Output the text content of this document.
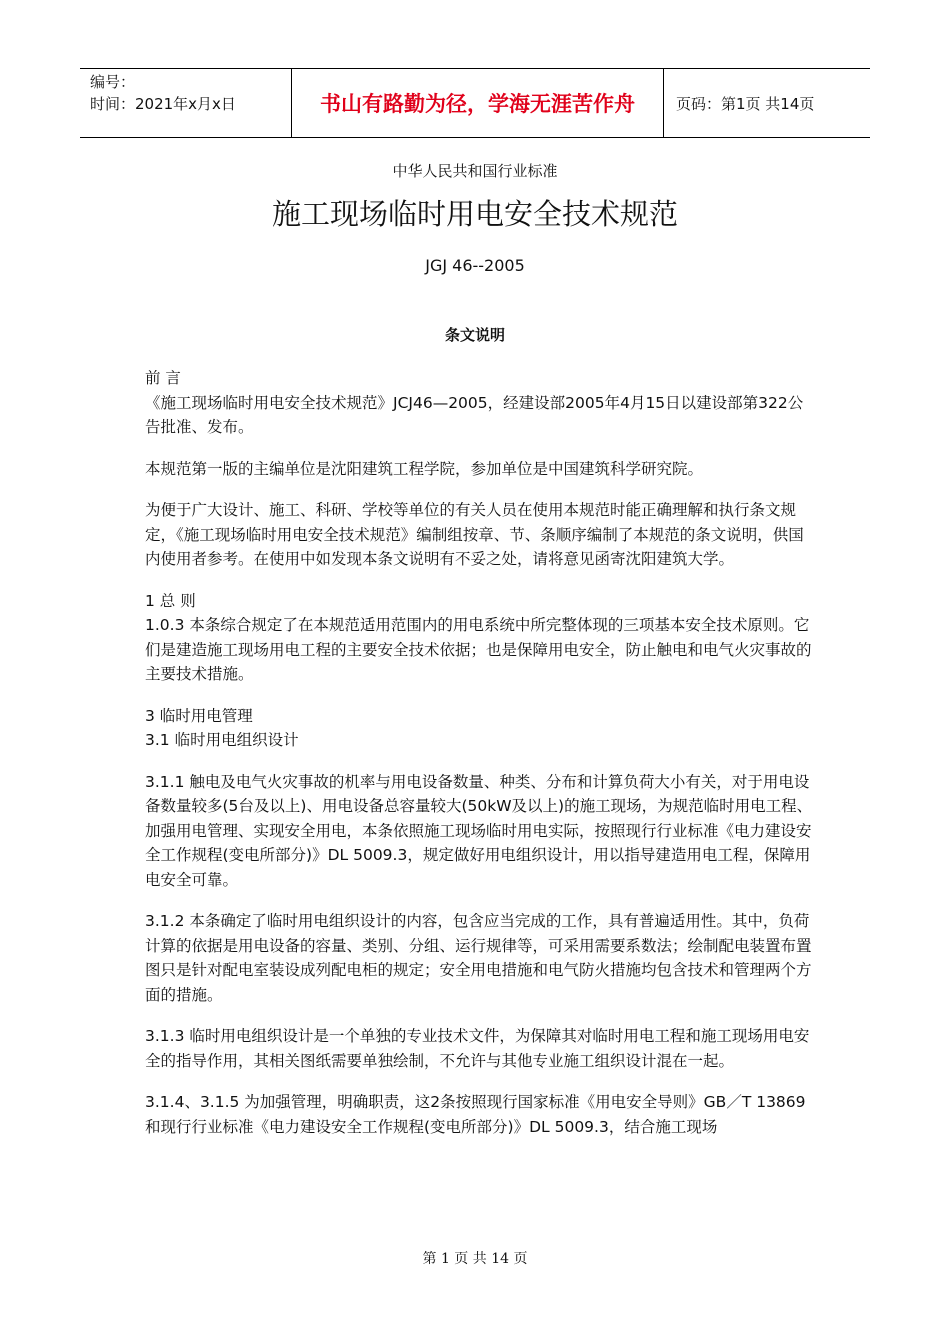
编号：
时间：2021年x月x日	书山有路勤为径，学海无涯苦作舟	页码：第1页 共14页
中华人民共和国行业标准
施工现场临时用电安全技术规范
JGJ 46--2005
条文说明

前 言

《施工现场临时用电安全技术规范》JCJ46—2005，经建设部2005年4月15日以建设部第322公告批准、发布。

本规范第一版的主编单位是沈阳建筑工程学院，参加单位是中国建筑科学研究院。

为便于广大设计、施工、科研、学校等单位的有关人员在使用本规范时能正确理解和执行条文规定，《施工现场临时用电安全技术规范》编制组按章、节、条顺序编制了本规范的条文说明，供国内使用者参考。在使用中如发现本条文说明有不妥之处，请将意见函寄沈阳建筑大学。

1 总 则

1.0.3 本条综合规定了在本规范适用范围内的用电系统中所完整体现的三项基本安全技术原则。它们是建造施工现场用电工程的主要安全技术依据；也是保障用电安全，防止触电和电气火灾事故的主要技术措施。

3 临时用电管理

3.1 临时用电组织设计

3.1.1 触电及电气火灾事故的机率与用电设备数量、种类、分布和计算负荷大小有关，对于用电设备数量较多(5台及以上)、用电设备总容量较大(50kW及以上)的施工现场，为规范临时用电工程、加强用电管理、实现安全用电，本条依照施工现场临时用电实际，按照现行行业标准《电力建设安全工作规程(变电所部分)》DL 5009.3，规定做好用电组织设计，用以指导建造用电工程，保障用电安全可靠。

3.1.2 本条确定了临时用电组织设计的内容，包含应当完成的工作，具有普遍适用性。其中，负荷计算的依据是用电设备的容量、类别、分组、运行规律等，可采用需要系数法；绘制配电装置布置图只是针对配电室装设成列配电柜的规定；安全用电措施和电气防火措施均包含技术和管理两个方面的措施。

3.1.3 临时用电组织设计是一个单独的专业技术文件，为保障其对临时用电工程和施工现场用电安全的指导作用，其相关图纸需要单独绘制，不允许与其他专业施工组织设计混在一起。

3.1.4、3.1.5 为加强管理，明确职责，这2条按照现行国家标准《用电安全导则》GB／T 13869和现行行业标准《电力建设安全工作规程(变电所部分)》DL 5009.3，结合施工现场

第 1 页 共 14 页
